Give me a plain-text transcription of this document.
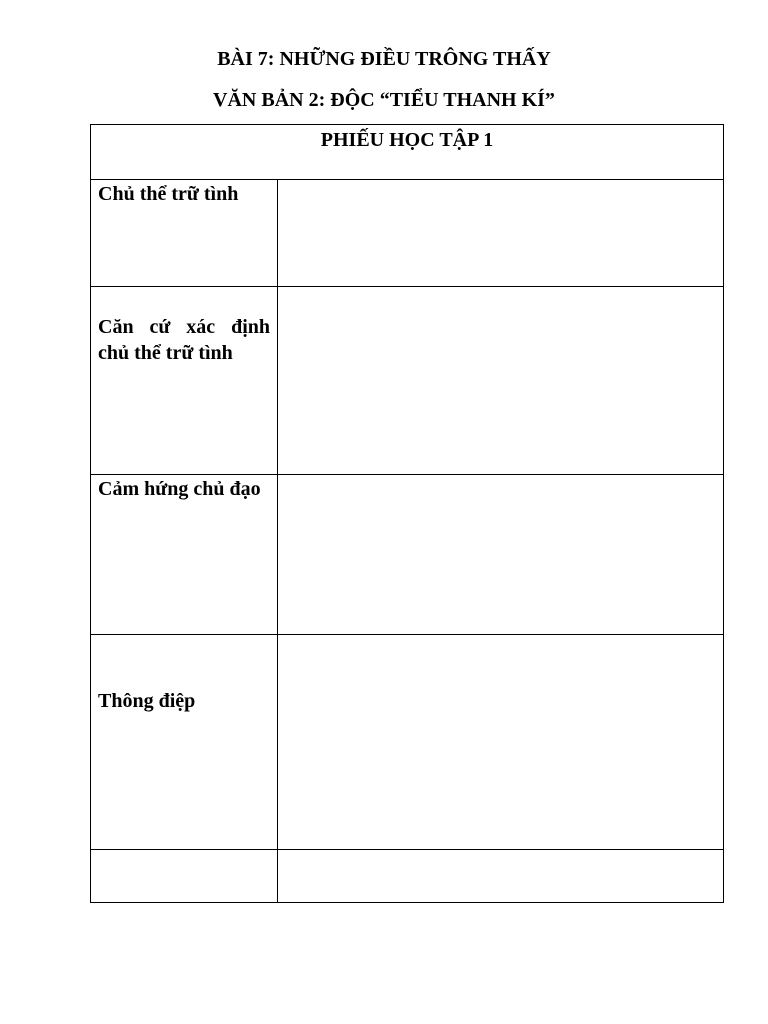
BÀI 7: NHỮNG ĐIỀU TRÔNG THẤY

VĂN BẢN 2: ĐỘC “TIỂU THANH KÍ”

PHIẾU HỌC TẬP 1	

Chủ thể trữ tình	

Căn cứ xác định chủ thể trữ tình	

Cảm hứng chủ đạo	

Thông điệp	
